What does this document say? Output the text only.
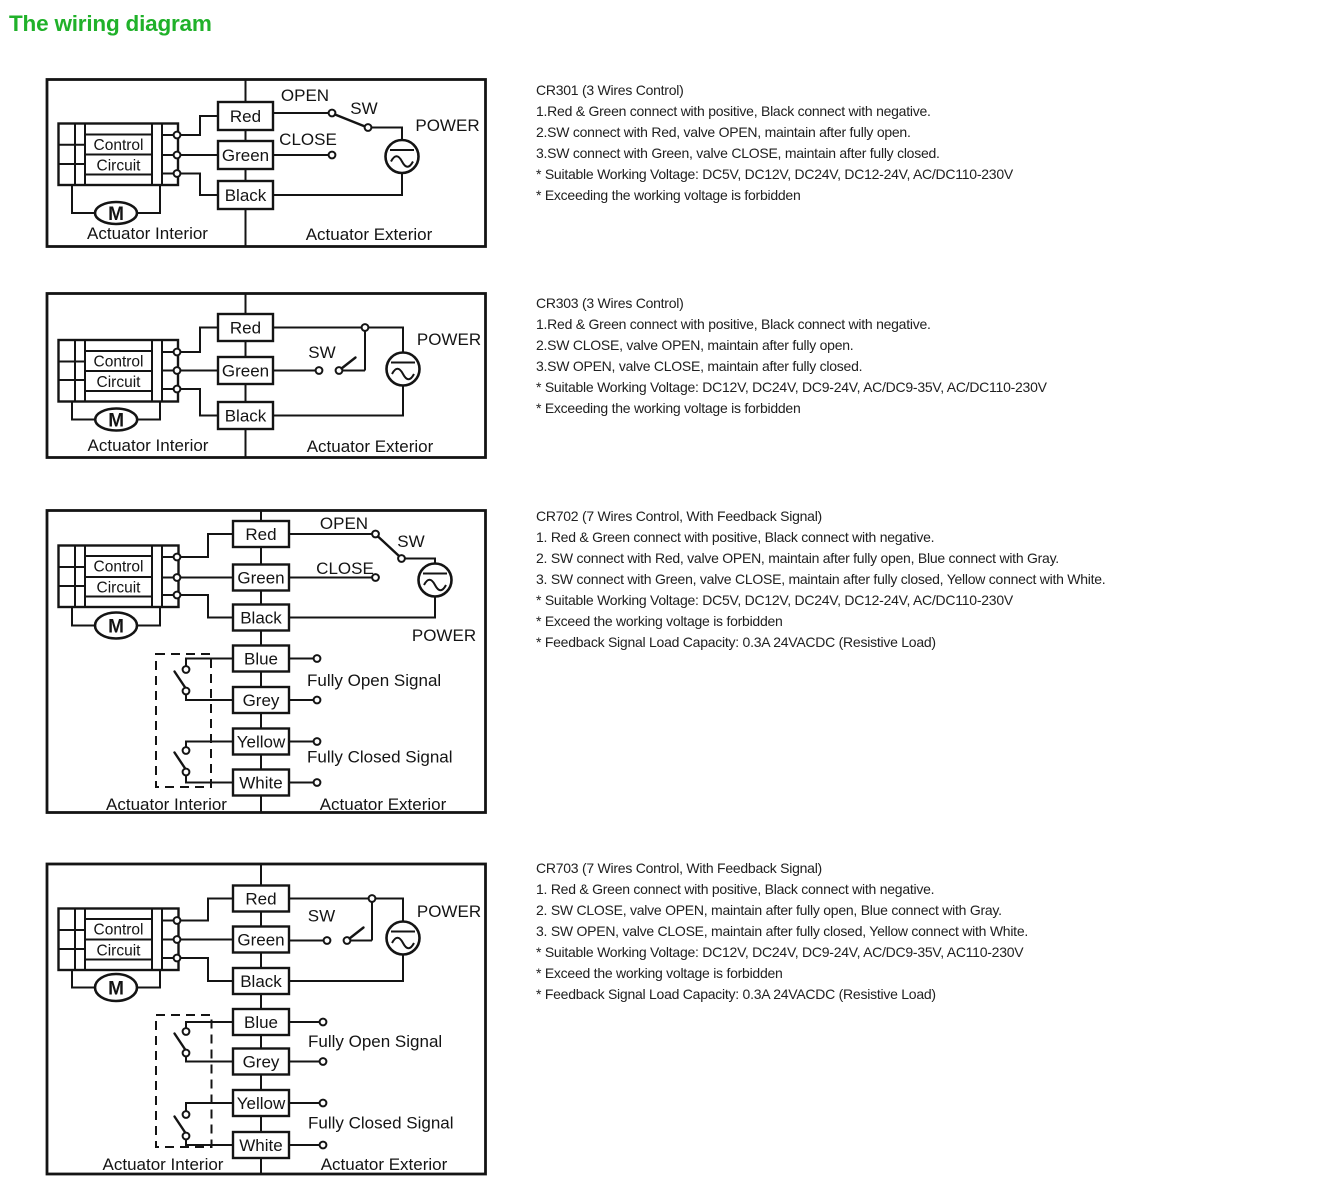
The wiring diagram
Control
Circuit
M
Red
Green
Black
OPEN
SW
CLOSE
POWER
Actuator Interior	Actuator Exterior
Control
Circuit
M
Red
Green
Black
SW
POWER
Actuator Interior	Actuator Exterior
Control
Circuit
M
Red
Green
Black
Blue
Grey
Yellow
White
OPEN
SW
CLOSE
POWER
Fully Open Signal
Fully Closed Signal
Actuator Interior	Actuator Exterior
Control
Circuit
M
Red
Green
Black
Blue
Grey
Yellow
White
SW	POWER
Fully Open Signal
Fully Closed Signal
Actuator Interior	Actuator Exterior
CR301 (3 Wires Control)
1.Red & Green connect with positive, Black connect with negative.
2.SW connect with Red, valve OPEN, maintain after fully open.
3.SW connect with Green, valve CLOSE, maintain after fully closed.
* Suitable Working Voltage: DC5V, DC12V, DC24V, DC12-24V, AC/DC110-230V
* Exceeding the working voltage is forbidden
CR303 (3 Wires Control)
1.Red & Green connect with positive, Black connect with negative.
2.SW CLOSE, valve OPEN, maintain after fully open.
3.SW OPEN, valve CLOSE, maintain after fully closed.
* Suitable Working Voltage: DC12V, DC24V, DC9-24V, AC/DC9-35V, AC/DC110-230V
* Exceeding the working voltage is forbidden
CR702 (7 Wires Control, With Feedback Signal)
1. Red & Green connect with positive, Black connect with negative.
2. SW connect with Red, valve OPEN, maintain after fully open, Blue connect with Gray.
3. SW connect with Green, valve CLOSE, maintain after fully closed, Yellow connect with White.
* Suitable Working Voltage: DC5V, DC12V, DC24V, DC12-24V, AC/DC110-230V
* Exceed the working voltage is forbidden
* Feedback Signal Load Capacity: 0.3A 24VACDC (Resistive Load)
CR703 (7 Wires Control, With Feedback Signal)
1. Red & Green connect with positive, Black connect with negative.
2. SW CLOSE, valve OPEN, maintain after fully open, Blue connect with Gray.
3. SW OPEN, valve CLOSE, maintain after fully closed, Yellow connect with White.
* Suitable Working Voltage: DC12V, DC24V, DC9-24V, AC/DC9-35V, AC110-230V
* Exceed the working voltage is forbidden
* Feedback Signal Load Capacity: 0.3A 24VACDC (Resistive Load)
